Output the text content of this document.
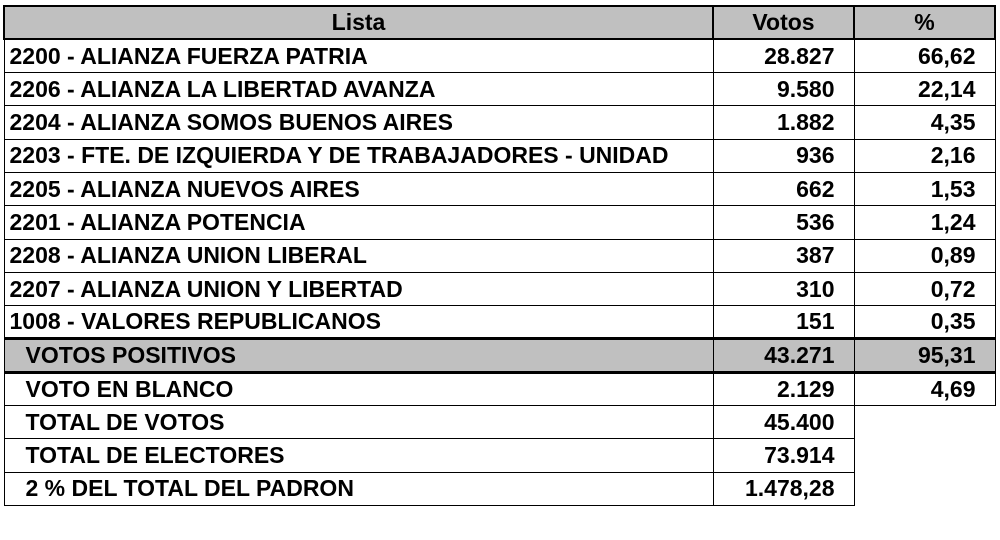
Lista	Votos	%
2200 - ALIANZA FUERZA PATRIA	28.827	66,62
2206 - ALIANZA LA LIBERTAD AVANZA	9.580	22,14
2204 - ALIANZA SOMOS BUENOS AIRES	1.882	4,35
2203 - FTE. DE IZQUIERDA Y DE TRABAJADORES - UNIDAD	936	2,16
2205 - ALIANZA NUEVOS AIRES	662	1,53
2201 - ALIANZA POTENCIA	536	1,24
2208 - ALIANZA UNION LIBERAL	387	0,89
2207 - ALIANZA UNION Y LIBERTAD	310	0,72
1008 - VALORES REPUBLICANOS	151	0,35
VOTOS POSITIVOS	43.271	95,31
VOTO EN BLANCO	2.129	4,69
TOTAL DE VOTOS	45.400	
TOTAL DE ELECTORES	73.914	
2 % DEL TOTAL DEL PADRON	1.478,28	
